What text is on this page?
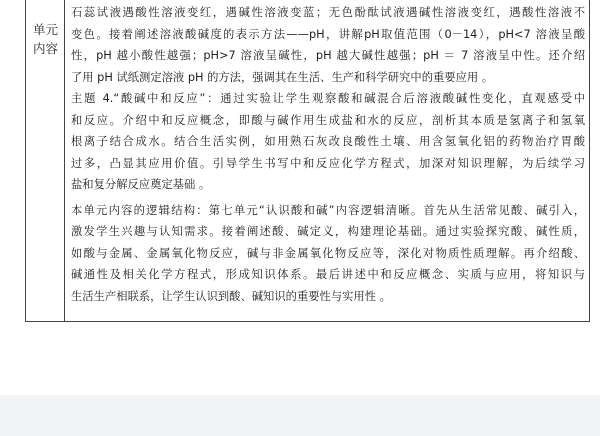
单元
内容
石蕊试液遇酸性溶液变红，遇碱性溶液变蓝；无色酚酞试液遇碱性溶液变红，遇酸性溶液不
变色。接着阐述溶液酸碱度的表示方法——pH，讲解pH取值范围（0－14），pH<7 溶液呈酸
性，pH 越小酸性越强；pH>7 溶液呈碱性，pH 越大碱性越强；pH ＝ 7 溶液呈中性。还介绍
了用 pH 试纸测定溶液 pH 的方法，强调其在生活、生产和科学研究中的重要应用 。
主题 4.“酸碱中和反应”：通过实验让学生观察酸和碱混合后溶液酸碱性变化，直观感受中
和反应。介绍中和反应概念，即酸与碱作用生成盐和水的反应，剖析其本质是氢离子和氢氧
根离子结合成水。结合生活实例，如用熟石灰改良酸性土壤、用含氢氧化铝的药物治疗胃酸
过多，凸显其应用价值。引导学生书写中和反应化学方程式，加深对知识理解，为后续学习
盐和复分解反应奠定基础 。
本单元内容的逻辑结构：第七单元“认识酸和碱”内容逻辑清晰。首先从生活常见酸、碱引入，
激发学生兴趣与认知需求。接着阐述酸、碱定义，构建理论基础。通过实验探究酸、碱性质，
如酸与金属、金属氧化物反应，碱与非金属氧化物反应等，深化对物质性质理解。再介绍酸、
碱通性及相关化学方程式，形成知识体系。最后讲述中和反应概念、实质与应用，将知识与
生活生产相联系，让学生认识到酸、碱知识的重要性与实用性 。
